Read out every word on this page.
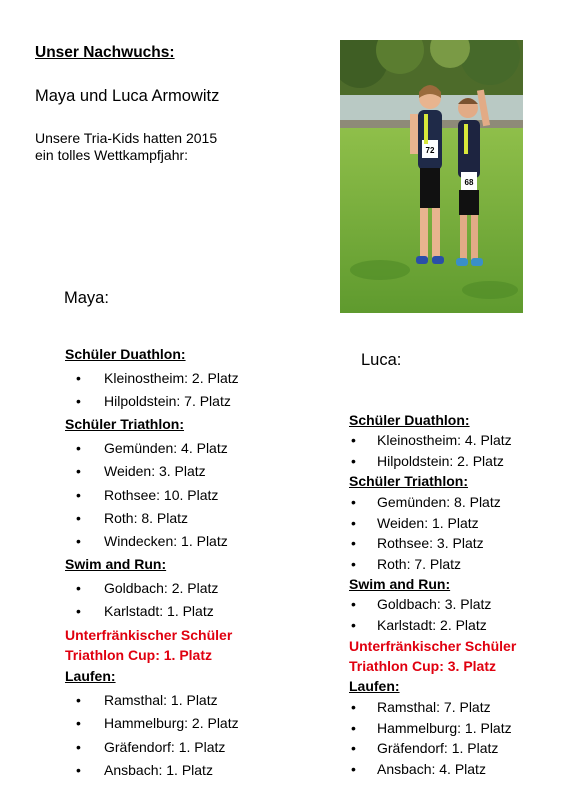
Unser Nachwuchs:
Maya und Luca Armowitz
Unsere Tria-Kids hatten 2015
ein tolles Wettkampfjahr:	72
68
Maya:
Schüler Duathlon:
• Kleinostheim: 2. Platz
• Hilpoldstein: 7. Platz
Schüler Triathlon:
• Gemünden: 4. Platz
• Weiden: 3. Platz
• Rothsee: 10. Platz
• Roth: 8. Platz
• Windecken: 1. Platz
Swim and Run:
• Goldbach: 2. Platz
• Karlstadt: 1. Platz
Unterfränkischer Schüler
Triathlon Cup: 1. Platz
Laufen:
• Ramsthal: 1. Platz
• Hammelburg: 2. Platz
• Gräfendorf: 1. Platz
• Ansbach: 1. Platz
Luca:
Schüler Duathlon:
• Kleinostheim: 4. Platz
• Hilpoldstein: 2. Platz
Schüler Triathlon:
• Gemünden: 8. Platz
• Weiden: 1. Platz
• Rothsee: 3. Platz
• Roth: 7. Platz
Swim and Run:
• Goldbach: 3. Platz
• Karlstadt: 2. Platz
Unterfränkischer Schüler
Triathlon Cup: 3. Platz
Laufen:
• Ramsthal: 7. Platz
• Hammelburg: 1. Platz
• Gräfendorf: 1. Platz
• Ansbach: 4. Platz
